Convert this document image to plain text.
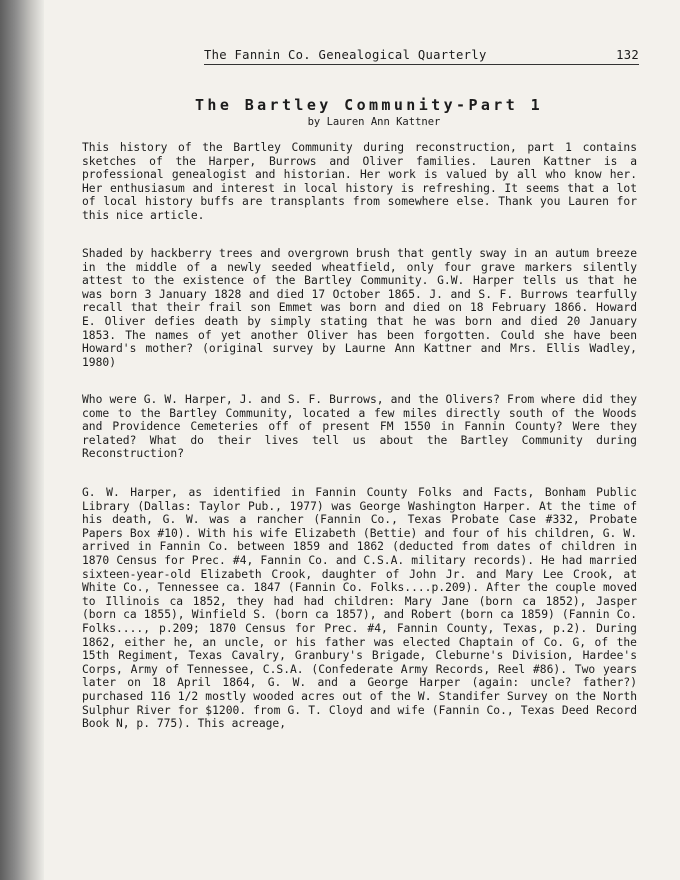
The Fannin Co. Genealogical Quarterly	132
The Bartley Community-Part 1
by Lauren Ann Kattner

This history of the Bartley Community during reconstruction, part 1 contains sketches of the Harper, Burrows and Oliver families. Lauren Kattner is a professional genealogist and historian. Her work is valued by all who know her. Her enthusiasum and interest in local history is refreshing. It seems that a lot of local history buffs are transplants from somewhere else. Thank you Lauren for this nice article.

Shaded by hackberry trees and overgrown brush that gently sway in an autum breeze in the middle of a newly seeded wheatfield, only four grave markers silently attest to the existence of the Bartley Community. G.W. Harper tells us that he was born 3 January 1828 and died 17 October 1865. J. and S. F. Burrows tearfully recall that their frail son Emmet was born and died on 18 February 1866. Howard E. Oliver defies death by simply stating that he was born and died 20 January 1853. The names of yet another Oliver has been forgotten. Could she have been Howard's mother? (original survey by Laurne Ann Kattner and Mrs. Ellis Wadley, 1980)

Who were G. W. Harper, J. and S. F. Burrows, and the Olivers? From where did they come to the Bartley Community, located a few miles directly south of the Woods and Providence Cemeteries off of present FM 1550 in Fannin County? Were they related? What do their lives tell us about the Bartley Community during Reconstruction?

G. W. Harper, as identified in Fannin County Folks and Facts, Bonham Public Library (Dallas: Taylor Pub., 1977) was George Washington Harper. At the time of his death, G. W. was a rancher (Fannin Co., Texas Probate Case #332, Probate Papers Box #10). With his wife Elizabeth (Bettie) and four of his children, G. W. arrived in Fannin Co. between 1859 and 1862 (deducted from dates of children in 1870 Census for Prec. #4, Fannin Co. and C.S.A. military records). He had married sixteen-year-old Elizabeth Crook, daughter of John Jr. and Mary Lee Crook, at White Co., Tennessee ca. 1847 (Fannin Co. Folks....p.209). After the couple moved to Illinois ca 1852, they had had children: Mary Jane (born ca 1852), Jasper (born ca 1855), Winfield S. (born ca 1857), and Robert (born ca 1859) (Fannin Co. Folks...., p.209; 1870 Census for Prec. #4, Fannin County, Texas, p.2). During 1862, either he, an uncle, or his father was elected Chaptain of Co. G, of the 15th Regiment, Texas Cavalry, Granbury's Brigade, Cleburne's Division, Hardee's Corps, Army of Tennessee, C.S.A. (Confederate Army Records, Reel #86). Two years later on 18 April 1864, G. W. and a George Harper (again: uncle? father?) purchased 116 1/2 mostly wooded acres out of the W. Standifer Survey on the North Sulphur River for $1200. from G. T. Cloyd and wife (Fannin Co., Texas Deed Record Book N, p. 775). This acreage,
